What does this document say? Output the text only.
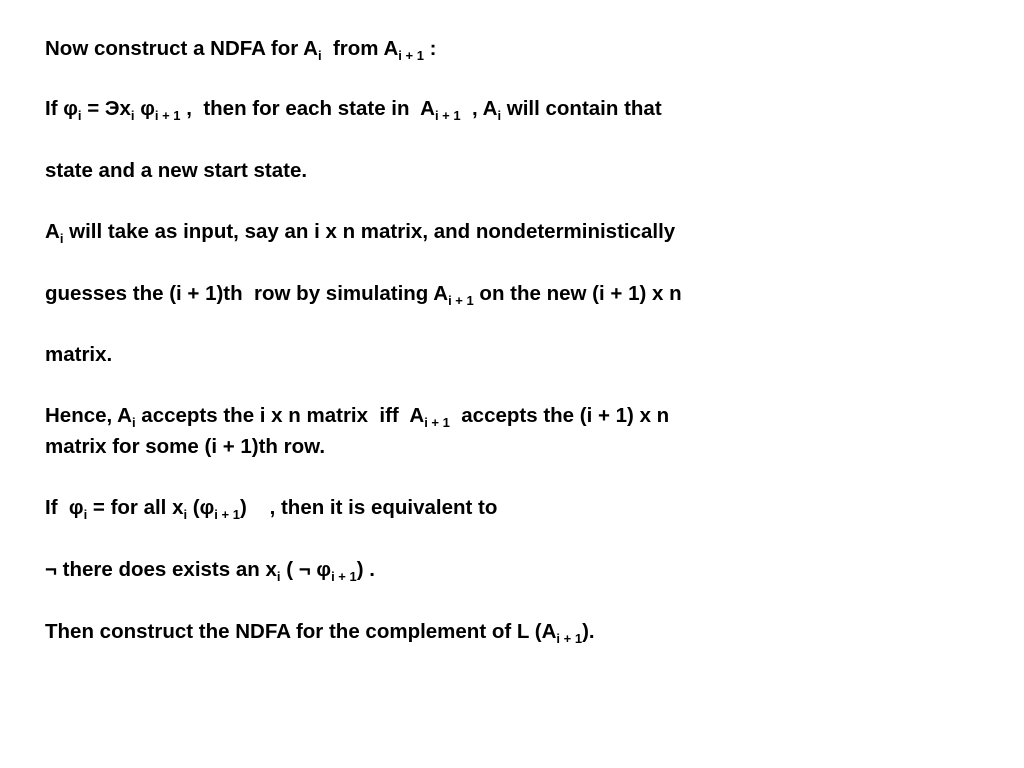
Now construct a NDFA for $A_i$  from $A_{i + 1}$ :
If $\varphi_i = Эx_i$ $\varphi_{i + 1}$ ,  then for each state in  $A_{i + 1}$  , $A_i$ will contain that
state and a new start state.
$A_i$ will take as input, say an i x n matrix, and nondeterministically
guesses the (i + 1)th  row by simulating $A_{i + 1}$ on the new (i + 1) x n
matrix.
Hence, $A_i$ accepts the i x n matrix  iff  $A_{i + 1}$  accepts the (i + 1) x n
matrix for some (i + 1)th row.
If  $\varphi_i$ = for all $x_i$ $(\varphi_{i + 1})$    , then it is equivalent to
¬ there does exists an $x_i$ ( ¬ $\varphi_{i + 1}$) .
Then construct the NDFA for the complement of L $(A_{i + 1})$.
